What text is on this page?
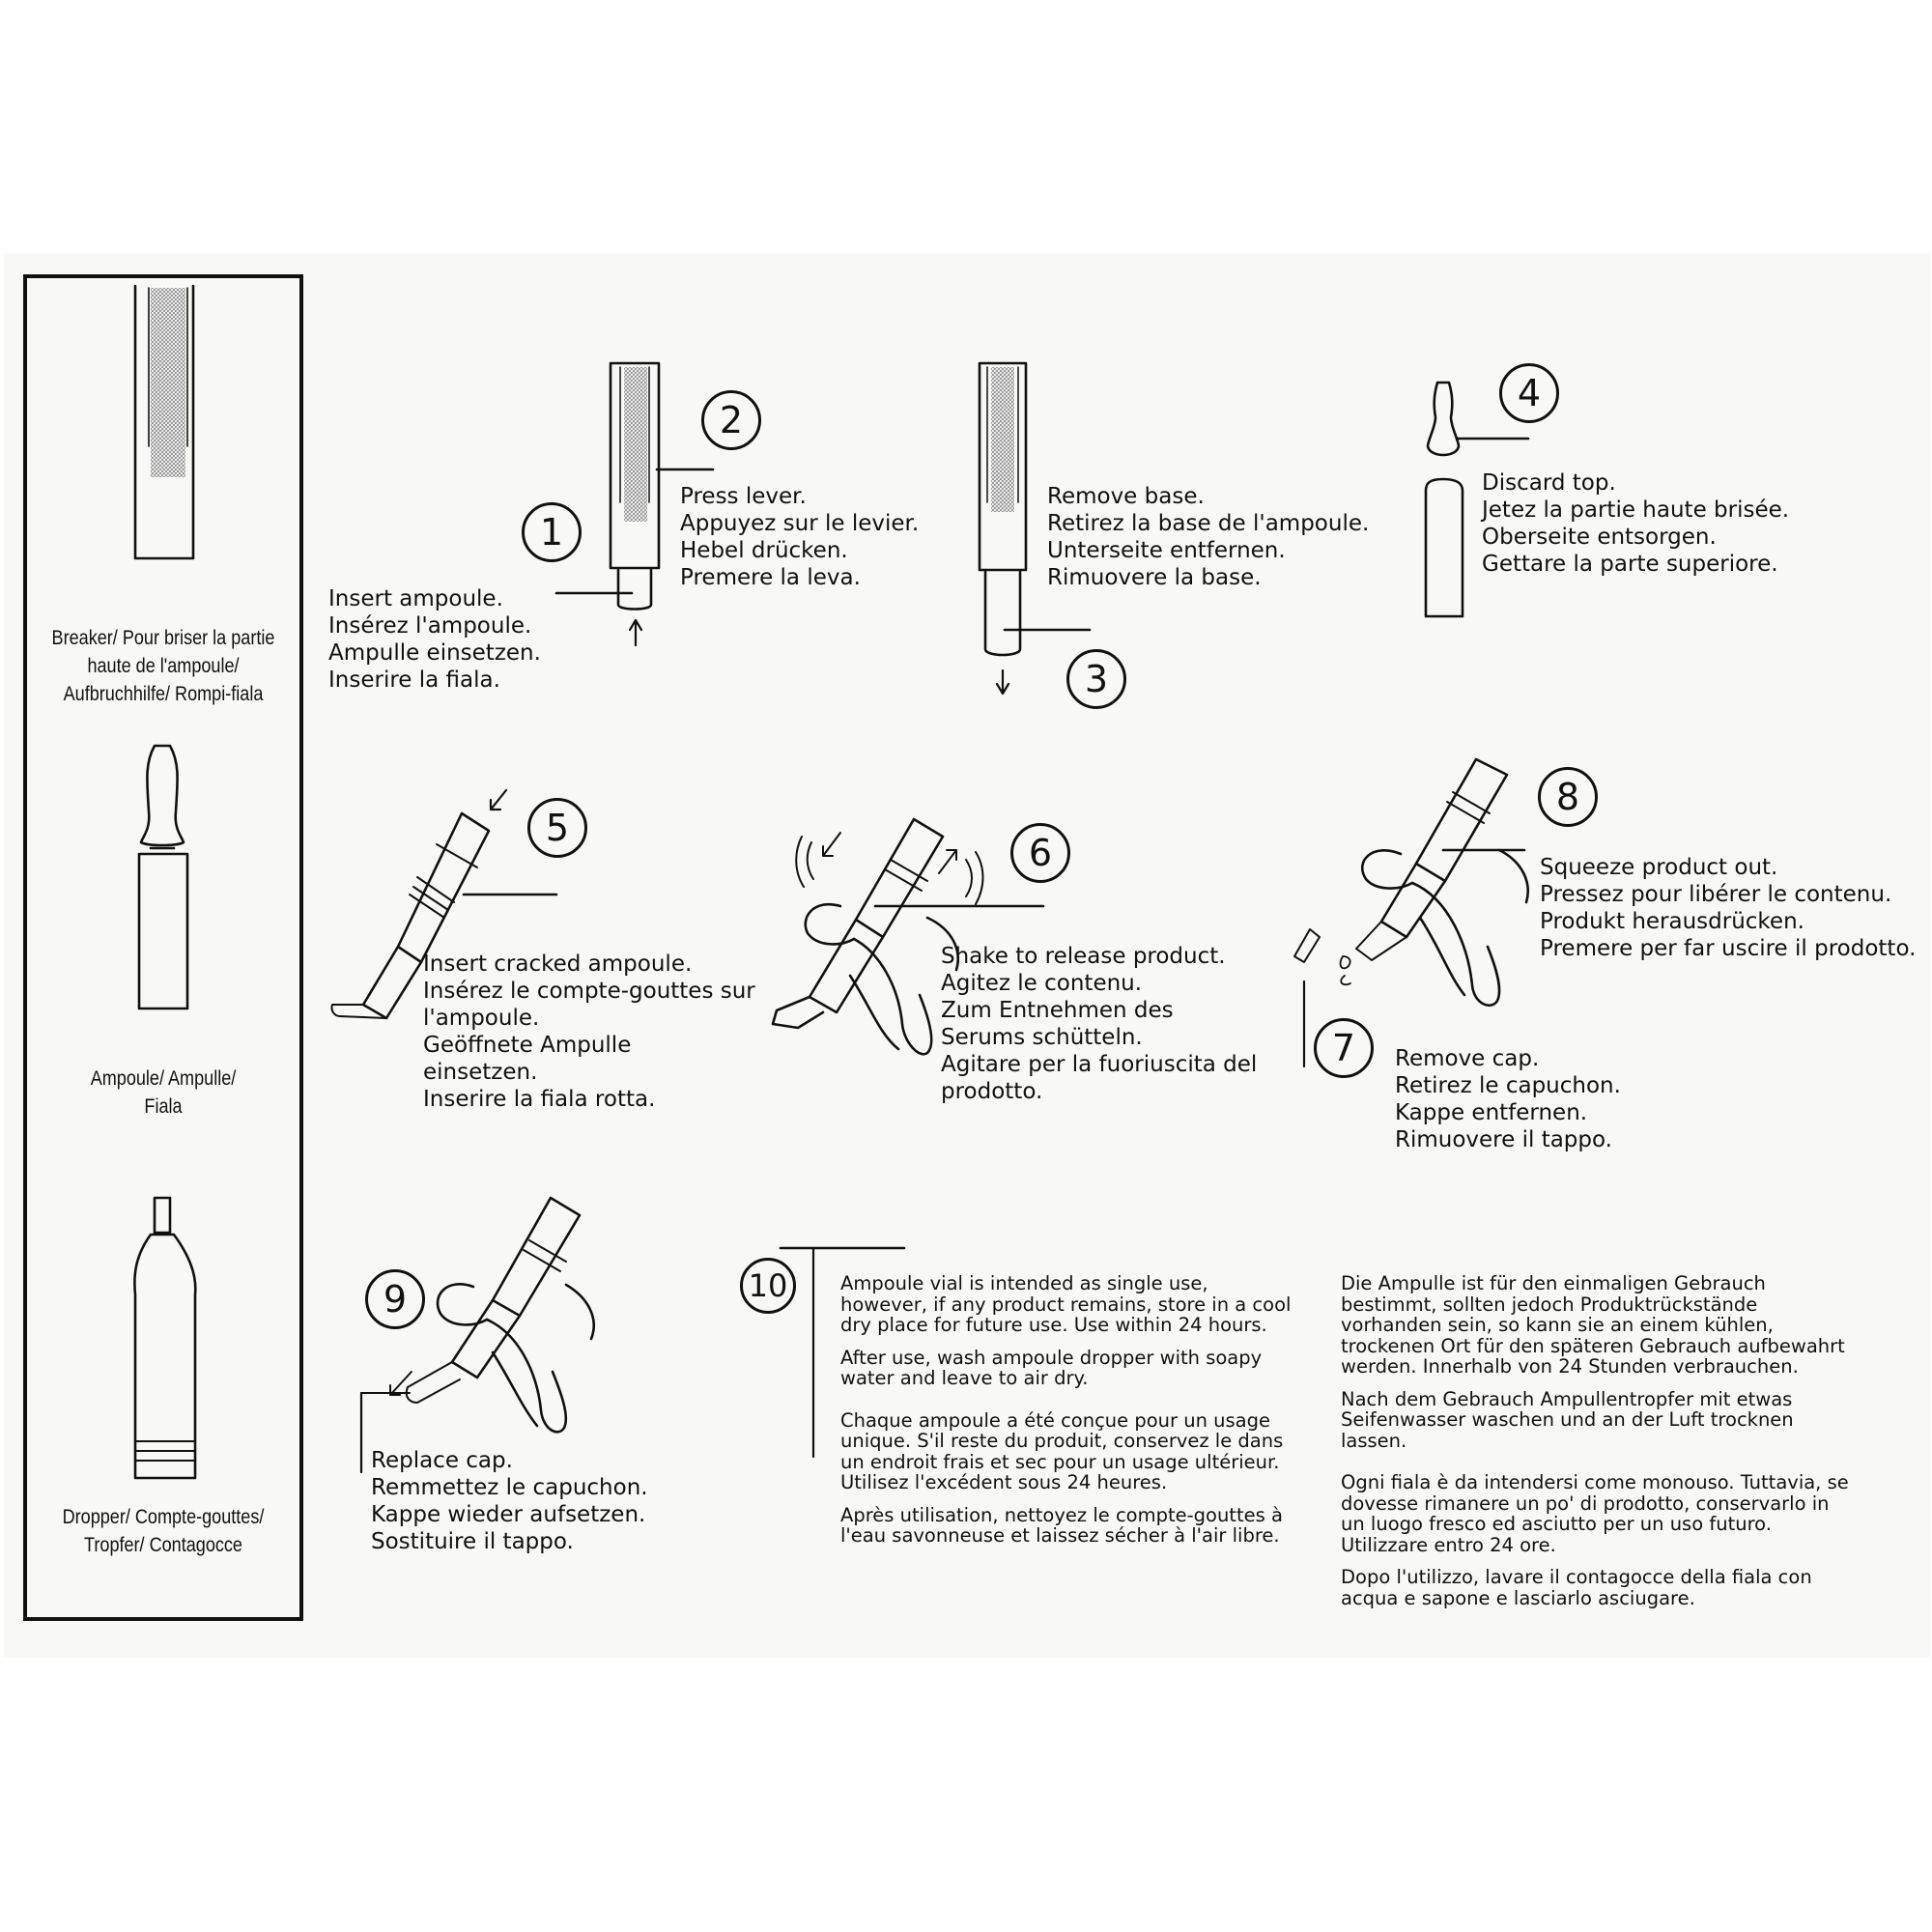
Breaker/ Pour briser la partie
haute de l'ampoule/
Aufbruchhilfe/ Rompi-fiala
Ampoule/ Ampulle/
Fiala
Dropper/ Compte-gouttes/
Tropfer/ Contagocce
1
2
3
4
5
6
7
8
9	10
Insert ampoule.
Insérez l'ampoule.
Ampulle einsetzen.
Inserire la fiala.
Press lever.
Appuyez sur le levier.
Hebel drücken.
Premere la leva.
Remove base.
Retirez la base de l'ampoule.
Unterseite entfernen.
Rimuovere la base.
Discard top.
Jetez la partie haute brisée.
Oberseite entsorgen.
Gettare la parte superiore.
Insert cracked ampoule.
Insérez le compte-gouttes sur
l'ampoule.
Geöffnete Ampulle
einsetzen.
Inserire la fiala rotta.
Shake to release product.
Agitez le contenu.
Zum Entnehmen des
Serums schütteln.
Agitare per la fuoriuscita del
prodotto.
Remove cap.
Retirez le capuchon.
Kappe entfernen.
Rimuovere il tappo.
Squeeze product out.
Pressez pour libérer le contenu.
Produkt herausdrücken.
Premere per far uscire il prodotto.
Replace cap.
Remmettez le capuchon.
Kappe wieder aufsetzen.
Sostituire il tappo.
Ampoule vial is intended as single use,
however, if any product remains, store in a cool
dry place for future use. Use within 24 hours.
After use, wash ampoule dropper with soapy
water and leave to air dry.
Chaque ampoule a été conçue pour un usage
unique. S'il reste du produit, conservez le dans
un endroit frais et sec pour un usage ultérieur.
Utilisez l'excédent sous 24 heures.
Après utilisation, nettoyez le compte-gouttes à
l'eau savonneuse et laissez sécher à l'air libre.
Die Ampulle ist für den einmaligen Gebrauch
bestimmt, sollten jedoch Produktrückstände
vorhanden sein, so kann sie an einem kühlen,
trockenen Ort für den späteren Gebrauch aufbewahrt
werden. Innerhalb von 24 Stunden verbrauchen.
Nach dem Gebrauch Ampullentropfer mit etwas
Seifenwasser waschen und an der Luft trocknen
lassen.
Ogni fiala è da intendersi come monouso. Tuttavia, se
dovesse rimanere un po' di prodotto, conservarlo in
un luogo fresco ed asciutto per un uso futuro.
Utilizzare entro 24 ore.
Dopo l'utilizzo, lavare il contagocce della fiala con
acqua e sapone e lasciarlo asciugare.
